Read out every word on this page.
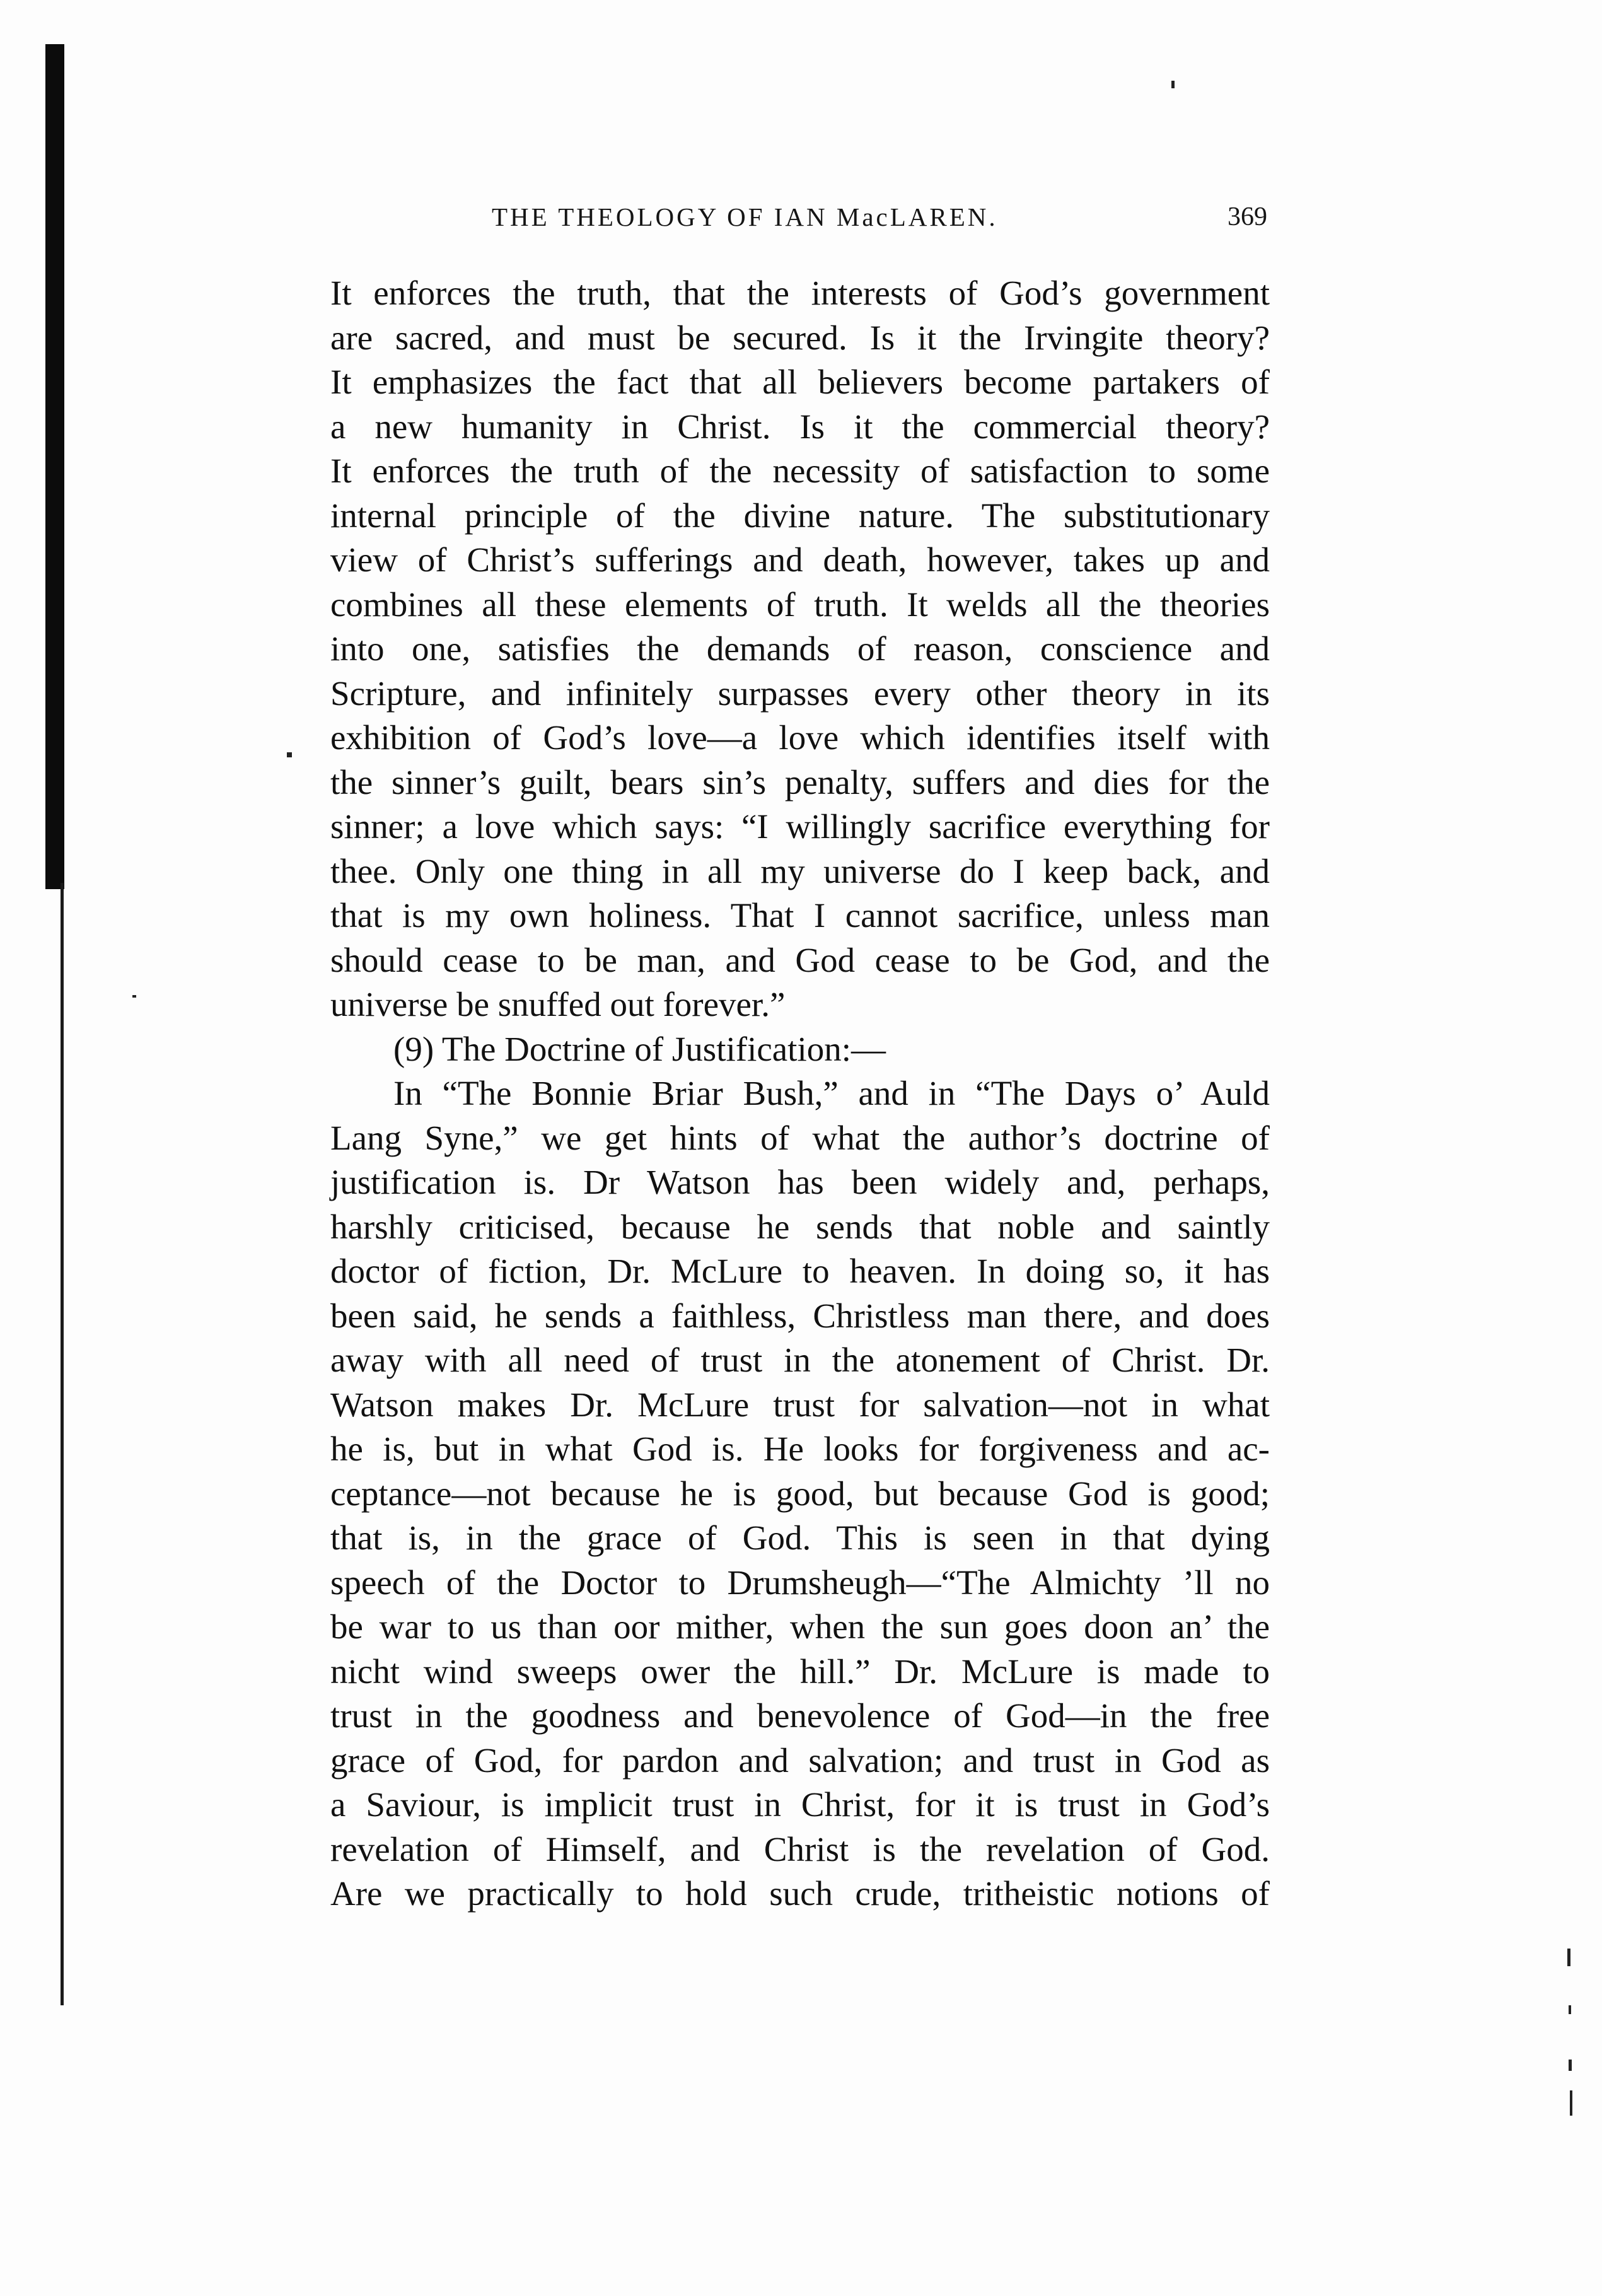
THE THEOLOGY OF IAN MacLAREN.	369
It enforces the truth, that the interests of God’s government
are sacred, and must be secured. Is it the Irvingite theory?
It emphasizes the fact that all believers become partakers of
a new humanity in Christ. Is it the commercial theory?
It enforces the truth of the necessity of satisfaction to some
internal principle of the divine nature. The substitutionary
view of Christ’s sufferings and death, however, takes up and
combines all these elements of truth. It welds all the theories
into one, satisfies the demands of reason, conscience and
Scripture, and infinitely surpasses every other theory in its
exhibition of God’s love—a love which identifies itself with
the sinner’s guilt, bears sin’s penalty, suffers and dies for the
sinner; a love which says: “I willingly sacrifice everything for
thee. Only one thing in all my universe do I keep back, and
that is my own holiness. That I cannot sacrifice, unless man
should cease to be man, and God cease to be God, and the
universe be snuffed out forever.”
(9) The Doctrine of Justification:—
In “The Bonnie Briar Bush,” and in “The Days o’ Auld
Lang Syne,” we get hints of what the author’s doctrine of
justification is. Dr Watson has been widely and, perhaps,
harshly criticised, because he sends that noble and saintly
doctor of fiction, Dr. McLure to heaven. In doing so, it has
been said, he sends a faithless, Christless man there, and does
away with all need of trust in the atonement of Christ. Dr.
Watson makes Dr. McLure trust for salvation—not in what
he is, but in what God is. He looks for forgiveness and ac-
ceptance—not because he is good, but because God is good;
that is, in the grace of God. This is seen in that dying
speech of the Doctor to Drumsheugh—“The Almichty ’ll no
be war to us than oor mither, when the sun goes doon an’ the
nicht wind sweeps ower the hill.” Dr. McLure is made to
trust in the goodness and benevolence of God—in the free
grace of God, for pardon and salvation; and trust in God as
a Saviour, is implicit trust in Christ, for it is trust in God’s
revelation of Himself, and Christ is the revelation of God.
Are we practically to hold such crude, tritheistic notions of
